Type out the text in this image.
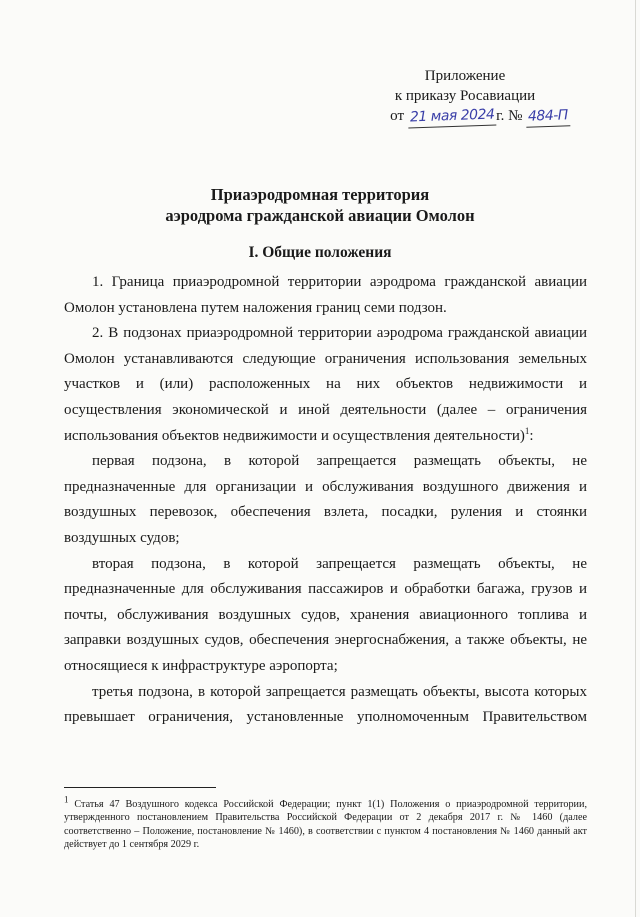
Приложение
к приказу Росавиации
от 21 мая 2024 г. № 484-П
Приаэродромная территория
аэродрома гражданской авиации Омолон
I. Общие положения

1. Граница приаэродромной территории аэродрома гражданской авиации Омолон установлена путем наложения границ семи подзон.

2. В подзонах приаэродромной территории аэродрома гражданской авиации Омолон устанавливаются следующие ограничения использования земельных участков и (или) расположенных на них объектов недвижимости и осуществления экономической и иной деятельности (далее – ограничения использования объектов недвижимости и осуществления деятельности)$^1$:

первая подзона, в которой запрещается размещать объекты, не предназначенные для организации и обслуживания воздушного движения и воздушных перевозок, обеспечения взлета, посадки, руления и стоянки воздушных судов;

вторая подзона, в которой запрещается размещать объекты, не предназначенные для обслуживания пассажиров и обработки багажа, грузов и почты, обслуживания воздушных судов, хранения авиационного топлива и заправки воздушных судов, обеспечения энергоснабжения, а также объекты, не относящиеся к инфраструктуре аэропорта;

третья подзона, в которой запрещается размещать объекты, высота которых превышает ограничения, установленные уполномоченным Правительством

$^1$ Статья 47 Воздушного кодекса Российской Федерации; пункт 1(1) Положения о приаэродромной территории, утвержденного постановлением Правительства Российской Федерации от 2 декабря 2017 г. № 1460 (далее соответственно – Положение, постановление № 1460), в соответствии с пунктом 4 постановления № 1460 данный акт действует до 1 сентября 2029 г.
